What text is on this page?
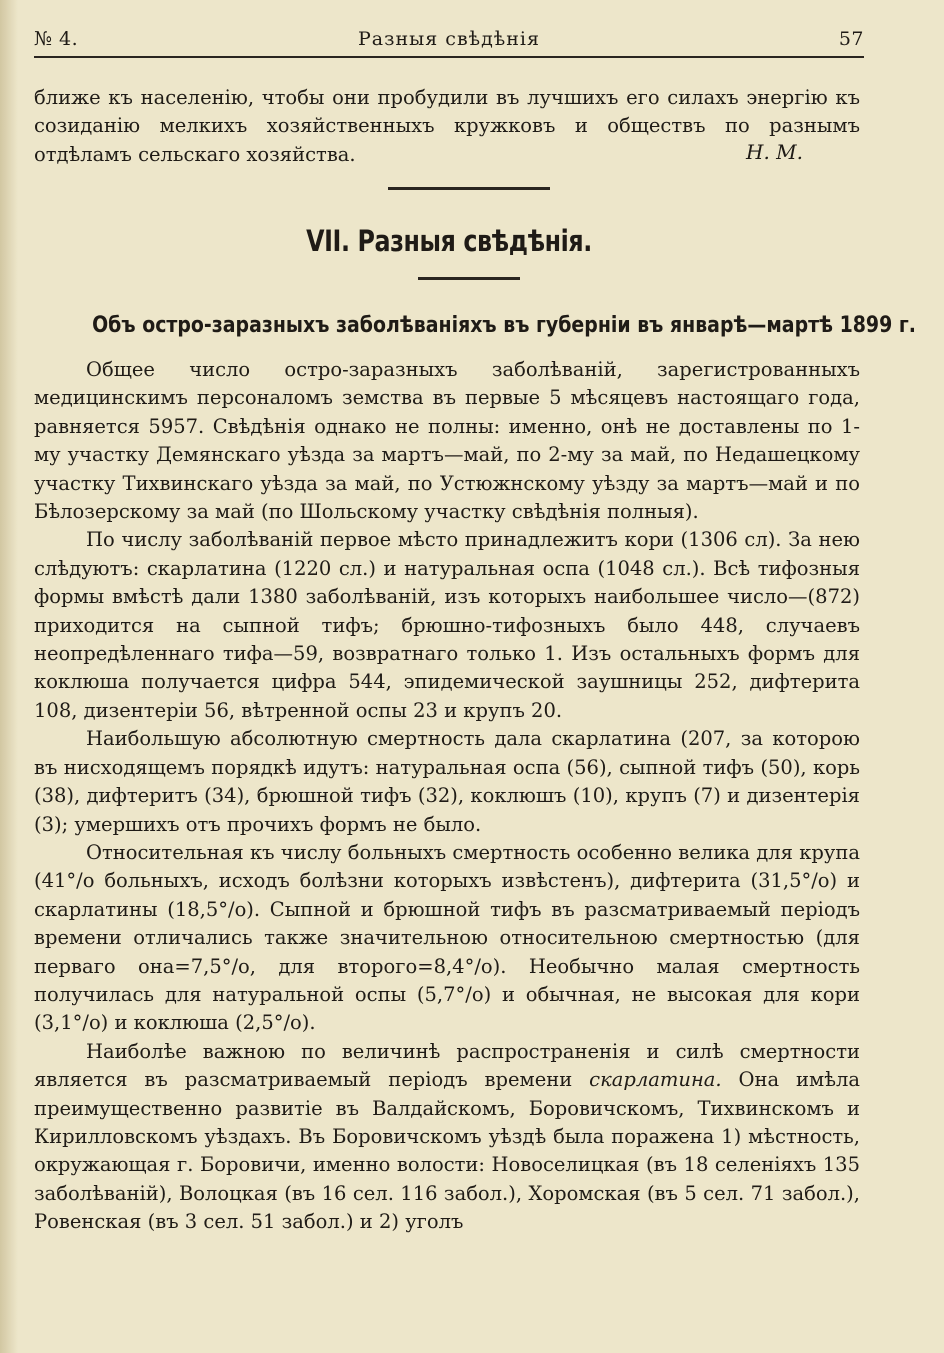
№ 4.	Разныя свѣдѣнія	57

ближе къ населенію, чтобы они пробудили въ лучшихъ его силахъ энергію къ созиданію мелкихъ хозяйственныхъ кружковъ и обществъ по разнымъ отдѣламъ сельскаго хозяйства.	Н. М.
VII. Разныя свѣдѣнія.
Объ остро-заразныхъ заболѣваніяхъ въ губерніи въ январѣ—мартѣ 1899 г.

Общее число остро-заразныхъ заболѣваній, зарегистрованныхъ медицинскимъ персоналомъ земства въ первые 5 мѣсяцевъ настоящаго года, равняется 5957. Свѣдѣнія однако не полны: именно, онѣ не доставлены по 1-му участку Демянскаго уѣзда за мартъ—май, по 2-му за май, по Недашецкому участку Тихвинскаго уѣзда за май, по Устюжнскому уѣзду за мартъ—май и по Бѣлозерскому за май (по Шольскому участку свѣдѣнія полныя).

По числу заболѣваній первое мѣсто принадлежитъ кори (1306 сл). За нею слѣдуютъ: скарлатина (1220 сл.) и натуральная оспа (1048 сл.). Всѣ тифозныя формы вмѣстѣ дали 1380 заболѣваній, изъ которыхъ наибольшее число—(872) приходится на сыпной тифъ; брюшно-тифозныхъ было 448, случаевъ неопредѣленнаго тифа—59, возвратнаго только 1. Изъ остальныхъ формъ для коклюша получается цифра 544, эпидемической заушницы 252, дифтерита 108, дизентеріи 56, вѣтренной оспы 23 и крупъ 20.

Наибольшую абсолютную смертность дала скарлатина (207, за которою въ нисходящемъ порядкѣ идутъ: натуральная оспа (56), сыпной тифъ (50), корь (38), дифтеритъ (34), брюшной тифъ (32), коклюшъ (10), крупъ (7) и дизентерія (3); умершихъ отъ прочихъ формъ не было.

Относительная къ числу больныхъ смертность особенно велика для крупа (41°/о больныхъ, исходъ болѣзни которыхъ извѣстенъ), дифтерита (31,5°/о) и скарлатины (18,5°/о). Сыпной и брюшной тифъ въ разсматриваемый періодъ времени отличались также значительною относительною смертностью (для перваго она=7,5°/о, для второго=8,4°/о). Необычно малая смертность получилась для натуральной оспы (5,7°/о) и обычная, не высокая для кори (3,1°/о) и коклюша (2,5°/о).

Наиболѣе важною по величинѣ распространенія и силѣ смертности является въ разсматриваемый періодъ времени скарлатина. Она имѣла преимущественно развитіе въ Валдайскомъ, Боровичскомъ, Тихвинскомъ и Кирилловскомъ уѣздахъ. Въ Боровичскомъ уѣздѣ была поражена 1) мѣстность, окружающая г. Боровичи, именно волости: Новоселицкая (въ 18 селеніяхъ 135 заболѣваній), Волоцкая (въ 16 сел. 116 забол.), Хоромская (въ 5 сел. 71 забол.), Ровенская (въ 3 сел. 51 забол.) и 2) уголъ
